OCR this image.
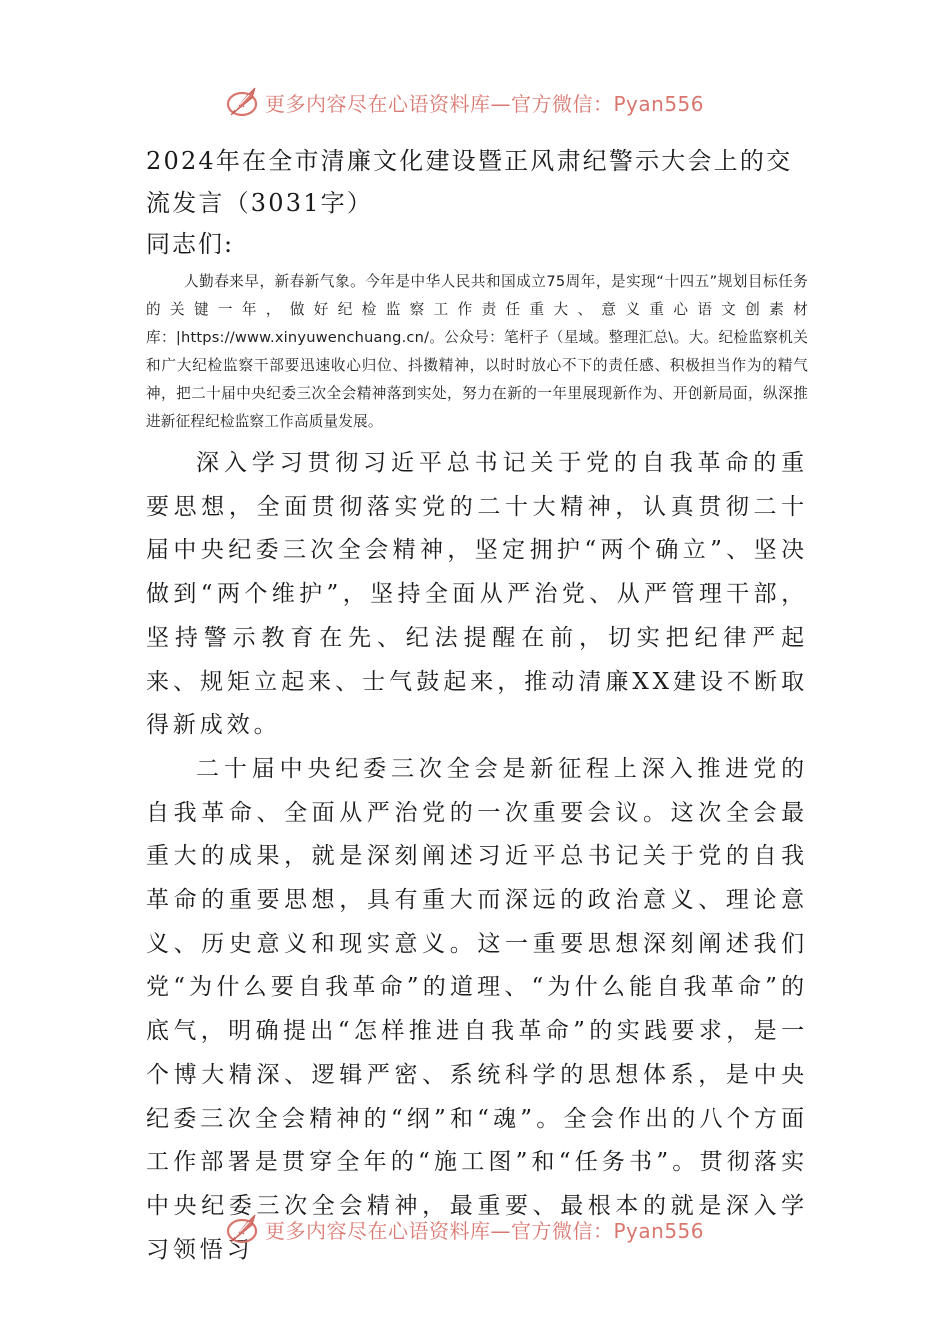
更多内容尽在心语资料库—官方微信：Pyan556
2024年在全市清廉文化建设暨正风肃纪警示大会上的交流发言（3031字）

同志们:

人勤春来早，新春新气象。今年是中华人民共和国成立75周年，是实现“十四五”规划目标任务的关键一年，做好纪检监察工作责任重大、意义重心语文创素材库：|https://www.xinyuwenchuang.cn/。公众号：笔杆子（星域。整理汇总\。大。纪检监察机关和广大纪检监察干部要迅速收心归位、抖擞精神，以时时放心不下的责任感、积极担当作为的精气神，把二十届中央纪委三次全会精神落到实处，努力在新的一年里展现新作为、开创新局面，纵深推进新征程纪检监察工作高质量发展。

深入学习贯彻习近平总书记关于党的自我革命的重要思想，全面贯彻落实党的二十大精神，认真贯彻二十届中央纪委三次全会精神，坚定拥护“两个确立”、坚决做到“两个维护”，坚持全面从严治党、从严管理干部，坚持警示教育在先、纪法提醒在前，切实把纪律严起来、规矩立起来、士气鼓起来，推动清廉XX建设不断取得新成效。

二十届中央纪委三次全会是新征程上深入推进党的自我革命、全面从严治党的一次重要会议。这次全会最重大的成果，就是深刻阐述习近平总书记关于党的自我革命的重要思想，具有重大而深远的政治意义、理论意义、历史意义和现实意义。这一重要思想深刻阐述我们党“为什么要自我革命”的道理、“为什么能自我革命”的底气，明确提出“怎样推进自我革命”的实践要求，是一个博大精深、逻辑严密、系统科学的思想体系，是中央纪委三次全会精神的“纲”和“魂”。全会作出的八个方面工作部署是贯穿全年的“施工图”和“任务书”。贯彻落实中央纪委三次全会精神，最重要、最根本的就是深入学习领悟习

更多内容尽在心语资料库—官方微信：Pyan556
